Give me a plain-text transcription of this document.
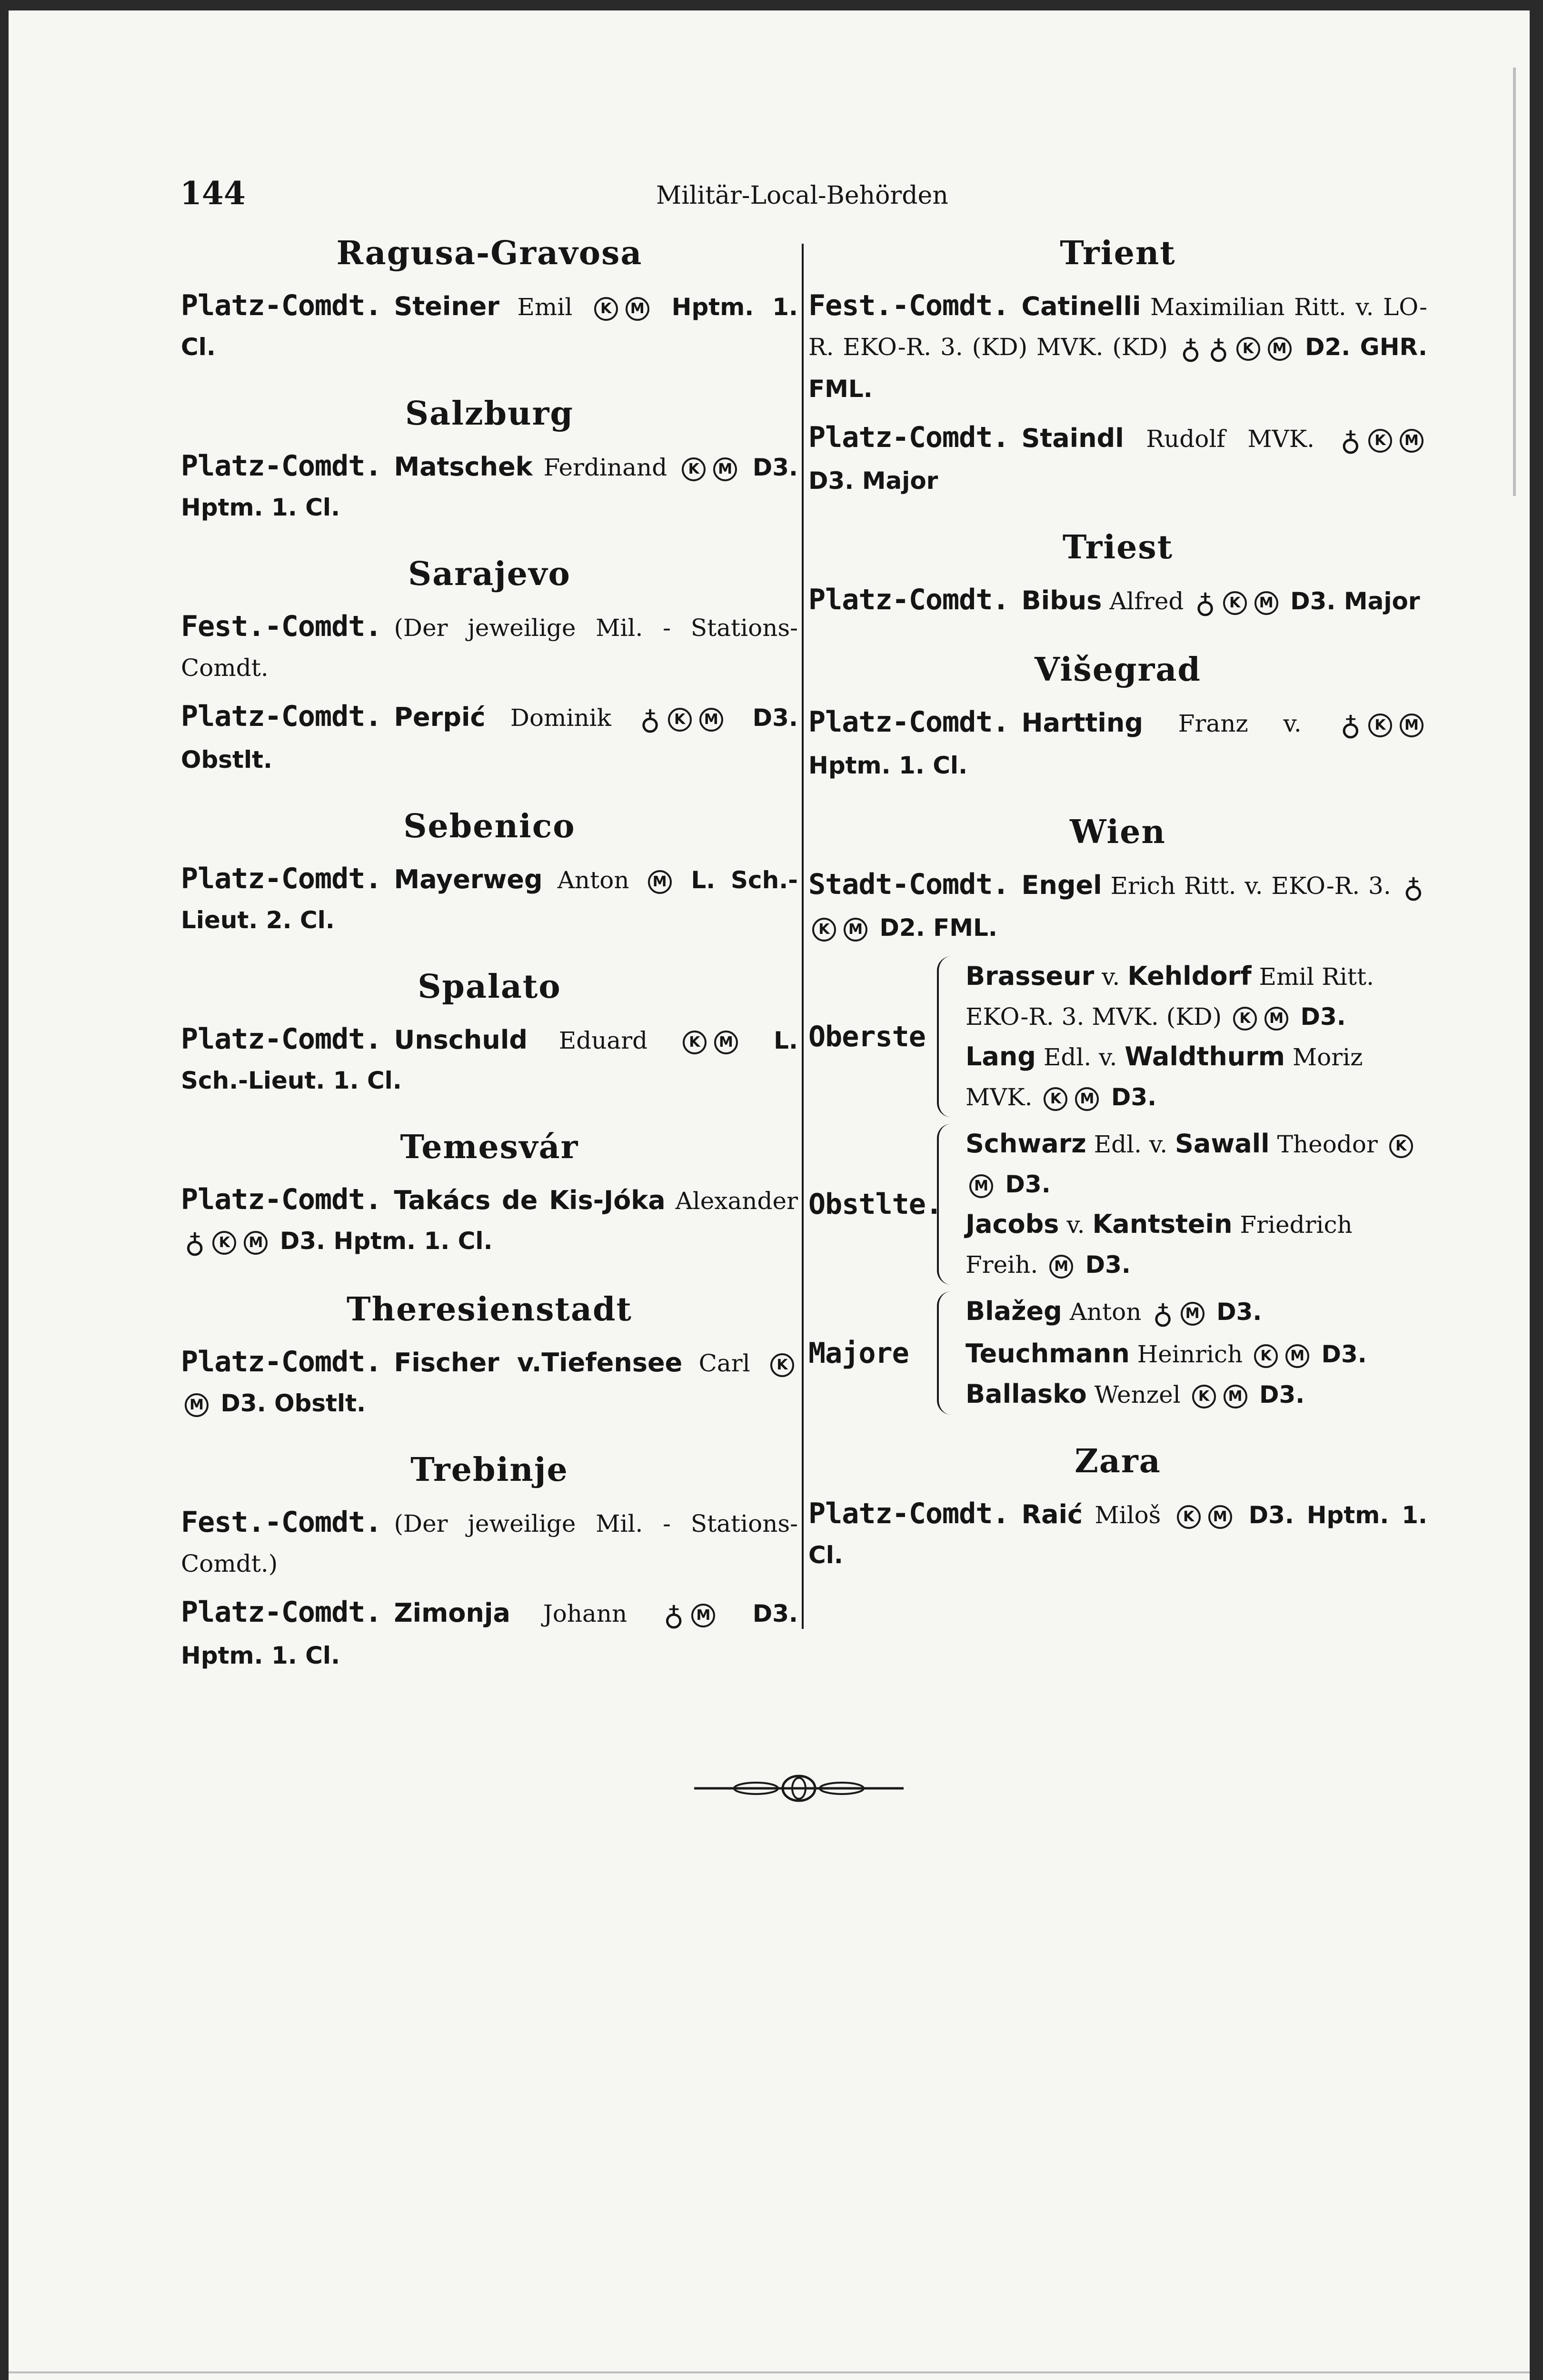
144	Militär-Local-Behörden
Ragusa-Gravosa

Platz-Comdt. Steiner Emil K M Hptm. 1. Cl.

Salzburg

Platz-Comdt. Matschek Ferdinand K M D3. Hptm. 1. Cl.

Sarajevo

Fest.-Comdt. (Der jeweilige Mil. - Stations- Comdt.

Platz-Comdt. Perpić Dominik ♁ K M D3. Obstlt.

Sebenico

Platz-Comdt. Mayerweg Anton M L. Sch.- Lieut. 2. Cl.

Spalato

Platz-Comdt. Unschuld Eduard	K M L. Sch.-Lieut. 1. Cl.

Temesvár

Platz-Comdt. Takács de Kis-Jóka Alexander ♁ K M D3. Hptm. 1. Cl.

Theresienstadt

Platz-Comdt. Fischer v.Tiefensee Carl KM D3. Obstlt.

Trebinje

Fest.-Comdt. (Der jeweilige Mil. - Stations- Comdt.)

Platz-Comdt. Zimonja Johann ♁ M D3. Hptm. 1. Cl.

Trient

Fest.-Comdt. Catinelli Maximilian Ritt. v. LO-R. EKO-R. 3. (KD) MVK. (KD) ♁ ♁ K M D2. GHR. FML.

Platz-Comdt. Staindl Rudolf MVK. ♁ K M D3. Major

Triest

Platz-Comdt. Bibus Alfred ♁ K M D3. Major

Višegrad

Platz-Comdt. Hartting Franz v. ♁ K M Hptm. 1. Cl.

Wien

Stadt-Comdt. Engel Erich Ritt. v. EKO-R. 3. ♁K M D2. FML.

Oberste

Brasseur v. Kehldorf Emil Ritt. EKO-R. 3. MVK. (KD) K M D3.

Lang Edl. v. Waldthurm Moriz MVK. K M D3.

Obstlte.

Schwarz Edl. v. Sawall Theodor KM D3.

Jacobs v. Kantstein Friedrich Freih. M D3.

Majore

Blažeg Anton ♁ M D3.

Teuchmann Heinrich K M D3.

Ballasko Wenzel K M D3.

Zara

Platz-Comdt. Raić Miloš K M D3. Hptm. 1. Cl.
